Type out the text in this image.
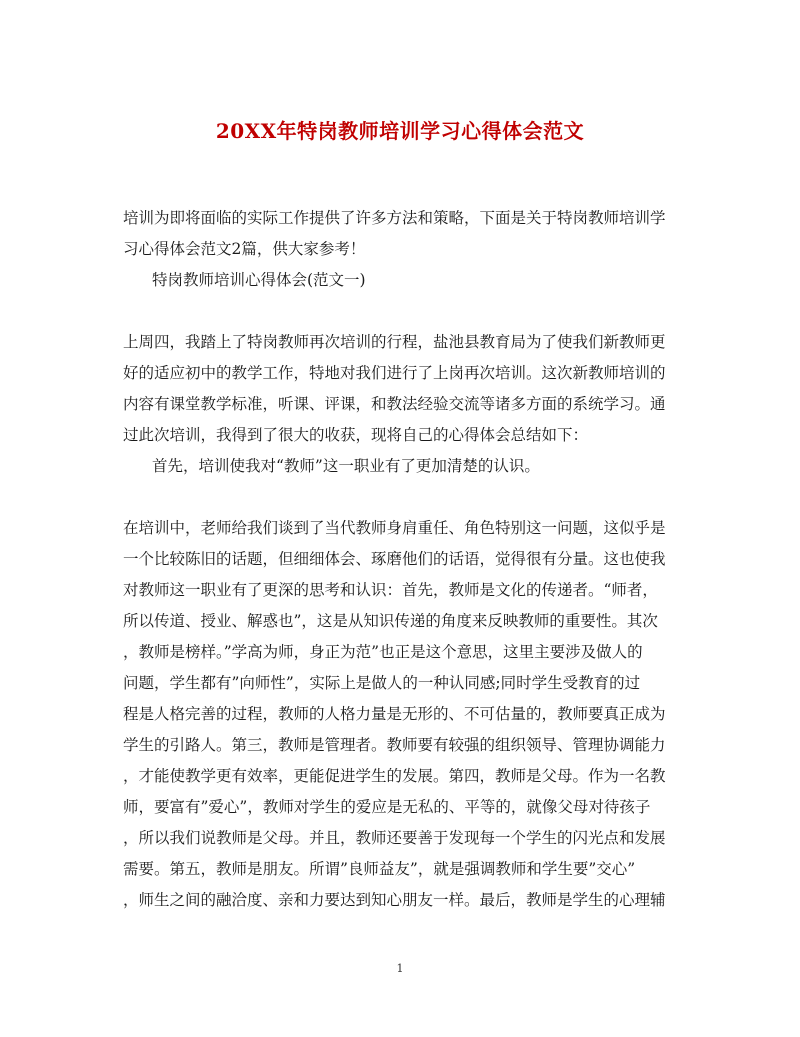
20XX年特岗教师培训学习心得体会范文
培训为即将面临的实际工作提供了许多方法和策略，下面是关于特岗教师培训学
习心得体会范文2篇，供大家参考！
特岗教师培训心得体会(范文一)
上周四，我踏上了特岗教师再次培训的行程，盐池县教育局为了使我们新教师更
好的适应初中的教学工作，特地对我们进行了上岗再次培训。这次新教师培训的
内容有课堂教学标准，听课、评课，和教法经验交流等诸多方面的系统学习。通
过此次培训，我得到了很大的收获，现将自己的心得体会总结如下：
首先，培训使我对“教师”这一职业有了更加清楚的认识。
在培训中，老师给我们谈到了当代教师身肩重任、角色特别这一问题，这似乎是
一个比较陈旧的话题，但细细体会、琢磨他们的话语，觉得很有分量。这也使我
对教师这一职业有了更深的思考和认识：首先，教师是文化的传递者。“师者，
所以传道、授业、解惑也”，这是从知识传递的角度来反映教师的重要性。其次
，教师是榜样。”学高为师，身正为范”也正是这个意思，这里主要涉及做人的
问题，学生都有”向师性”，实际上是做人的一种认同感;同时学生受教育的过
程是人格完善的过程，教师的人格力量是无形的、不可估量的，教师要真正成为
学生的引路人。第三，教师是管理者。教师要有较强的组织领导、管理协调能力
，才能使教学更有效率，更能促进学生的发展。第四，教师是父母。作为一名教
师，要富有”爱心”，教师对学生的爱应是无私的、平等的，就像父母对待孩子
，所以我们说教师是父母。并且，教师还要善于发现每一个学生的闪光点和发展
需要。第五，教师是朋友。所谓”良师益友”，就是强调教师和学生要”交心”
，师生之间的融洽度、亲和力要达到知心朋友一样。最后，教师是学生的心理辅
1
